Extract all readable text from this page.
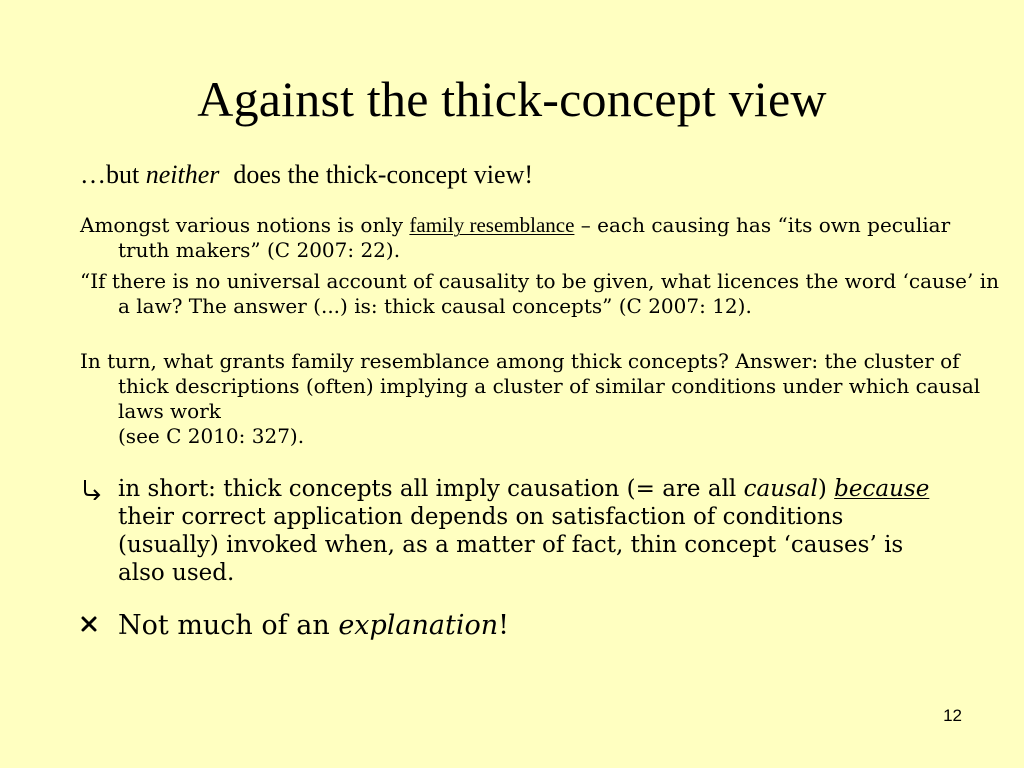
Against the thick-concept view
…but neither does the thick-concept view!
Amongst various notions is only family resemblance – each causing has “its own peculiar truth makers” (C 2007: 22).
“If there is no universal account of causality to be given, what licences the word ‘cause’ in a law? The answer (...) is: thick causal concepts” (C 2007: 12).
In turn, what grants family resemblance among thick concepts? Answer: the cluster of thick descriptions (often) implying a cluster of similar conditions under which causal laws work
(see C 2010: 327).
in short: thick concepts all imply causation (= are all causal) because their correct application depends on satisfaction of conditions (usually) invoked when, as a matter of fact, thin concept ‘causes’ is also used.
Not much of an explanation!
12
